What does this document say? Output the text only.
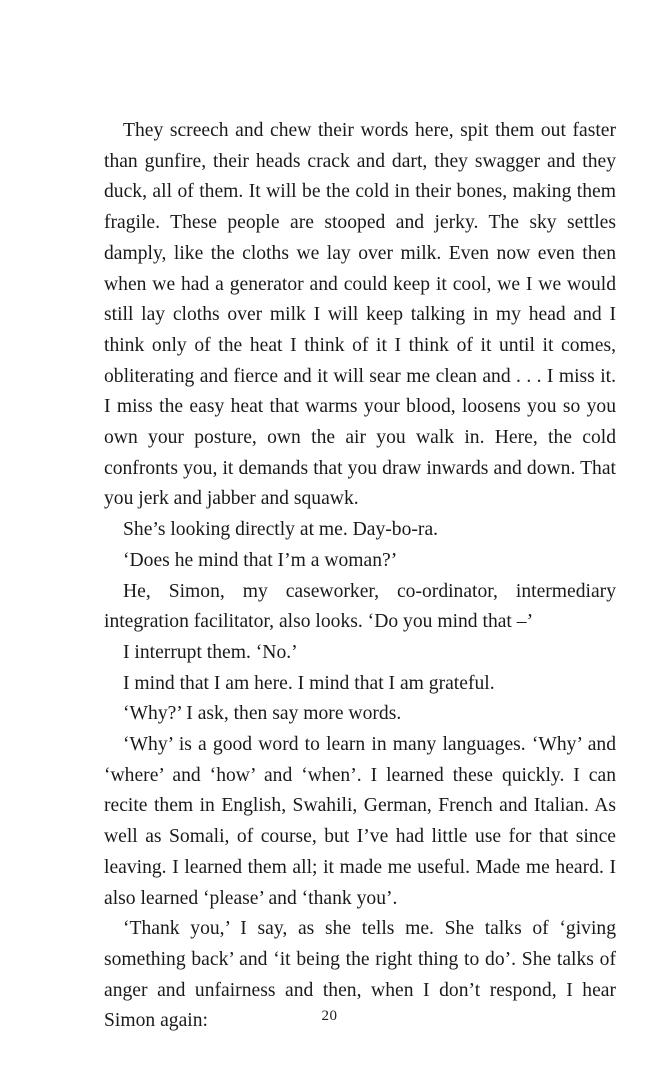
They screech and chew their words here, spit them out faster than gunfire, their heads crack and dart, they swagger and they duck, all of them. It will be the cold in their bones, making them fragile. These people are stooped and jerky. The sky settles damply, like the cloths we lay over milk. Even now even then when we had a generator and could keep it cool, we I we would still lay cloths over milk I will keep talking in my head and I think only of the heat I think of it I think of it until it comes, obliterating and fierce and it will sear me clean and . . . I miss it. I miss the easy heat that warms your blood, loosens you so you own your posture, own the air you walk in. Here, the cold confronts you, it demands that you draw inwards and down. That you jerk and jabber and squawk.

She’s looking directly at me. Day-bo-ra.

‘Does he mind that I’m a woman?’

He, Simon, my caseworker, co-ordinator, intermediary integration facilitator, also looks. ‘Do you mind that –’

I interrupt them. ‘No.’

I mind that I am here. I mind that I am grateful.

‘Why?’ I ask, then say more words.

‘Why’ is a good word to learn in many languages. ‘Why’ and ‘where’ and ‘how’ and ‘when’. I learned these quickly. I can recite them in English, Swahili, German, French and Italian. As well as Somali, of course, but I’ve had little use for that since leaving. I learned them all; it made me useful. Made me heard. I also learned ‘please’ and ‘thank you’.

‘Thank you,’ I say, as she tells me. She talks of ‘giving something back’ and ‘it being the right thing to do’. She talks of anger and unfairness and then, when I don’t respond, I hear Simon again:	20
